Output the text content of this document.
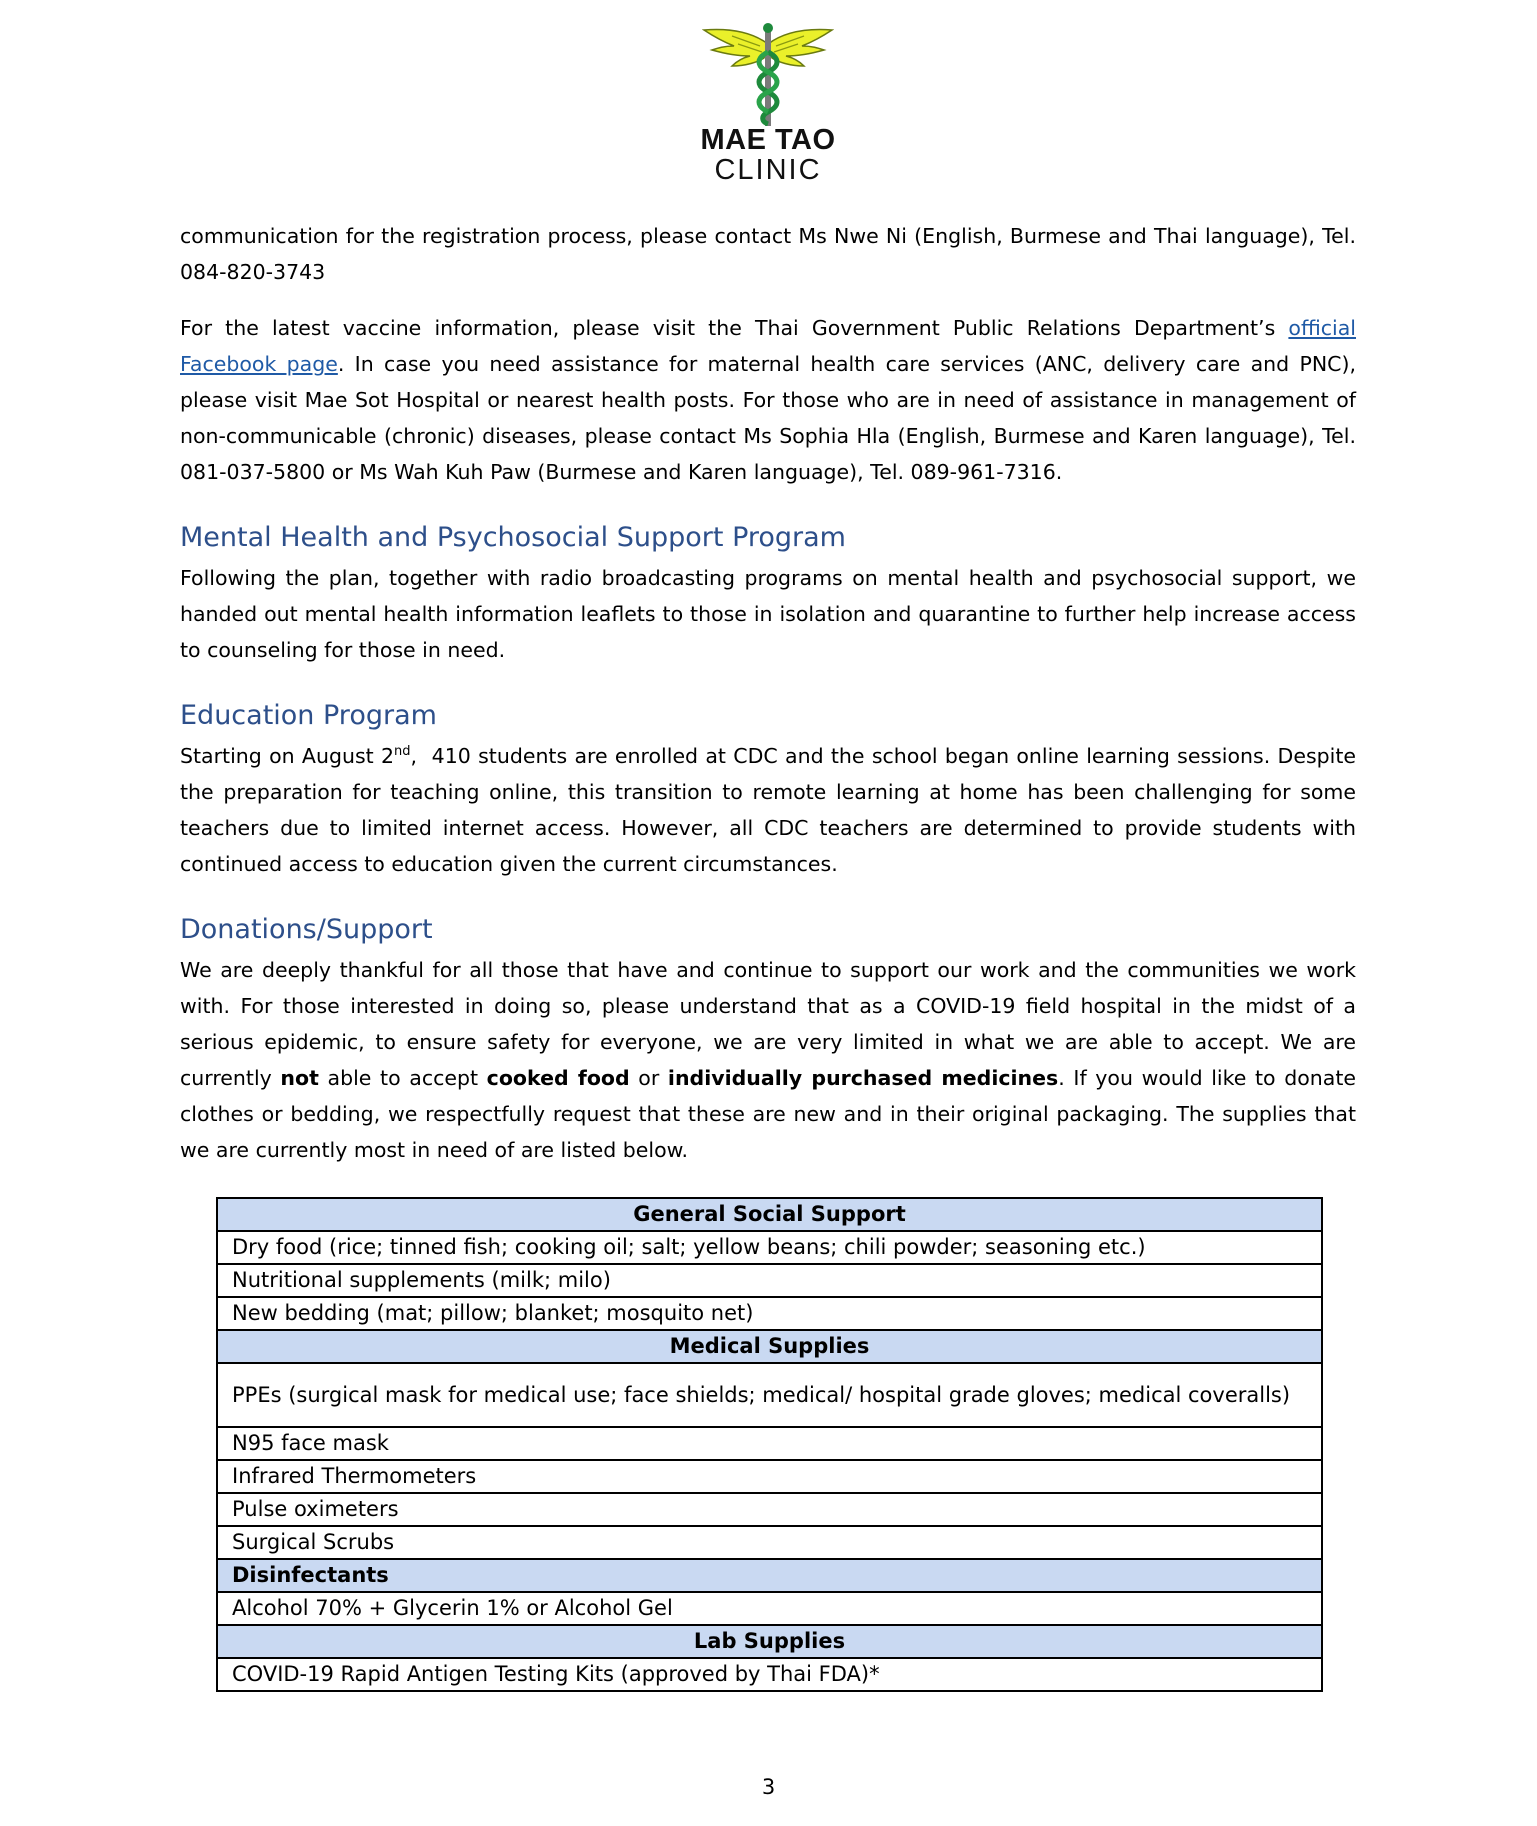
MAE TAO
CLINIC

communication for the registration process, please contact Ms Nwe Ni (English, Burmese and Thai language), Tel. 084-820-3743

For the latest vaccine information, please visit the Thai Government Public Relations Department’s official Facebook page. In case you need assistance for maternal health care services (ANC, delivery care and PNC), please visit Mae Sot Hospital or nearest health posts. For those who are in need of assistance in management of non-communicable (chronic) diseases, please contact Ms Sophia Hla (English, Burmese and Karen language), Tel. 081-037-5800 or Ms Wah Kuh Paw (Burmese and Karen language), Tel. 089-961-7316.

Mental Health and Psychosocial Support Program

Following the plan, together with radio broadcasting programs on mental health and psychosocial support, we handed out mental health information leaflets to those in isolation and quarantine to further help increase access to counseling for those in need.

Education Program

Starting on August 2nd,  410 students are enrolled at CDC and the school began online learning sessions. Despite the preparation for teaching online, this transition to remote learning at home has been challenging for some teachers due to limited internet access. However, all CDC teachers are determined to provide students with continued access to education given the current circumstances.

Donations/Support

We are deeply thankful for all those that have and continue to support our work and the communities we work with. For those interested in doing so, please understand that as a COVID-19 field hospital in the midst of a serious epidemic, to ensure safety for everyone, we are very limited in what we are able to accept. We are currently not able to accept cooked food or individually purchased medicines. If you would like to donate clothes or bedding, we respectfully request that these are new and in their original packaging. The supplies that we are currently most in need of are listed below.

General Social Support
Dry food (rice; tinned fish; cooking oil; salt; yellow beans; chili powder; seasoning etc.)
Nutritional supplements (milk; milo)
New bedding (mat; pillow; blanket; mosquito net)
Medical Supplies
PPEs (surgical mask for medical use; face shields; medical/ hospital grade gloves; medical coveralls)
N95 face mask
Infrared Thermometers
Pulse oximeters
Surgical Scrubs
Disinfectants
Alcohol 70% + Glycerin 1% or Alcohol Gel
Lab Supplies
COVID-19 Rapid Antigen Testing Kits (approved by Thai FDA)*
3
